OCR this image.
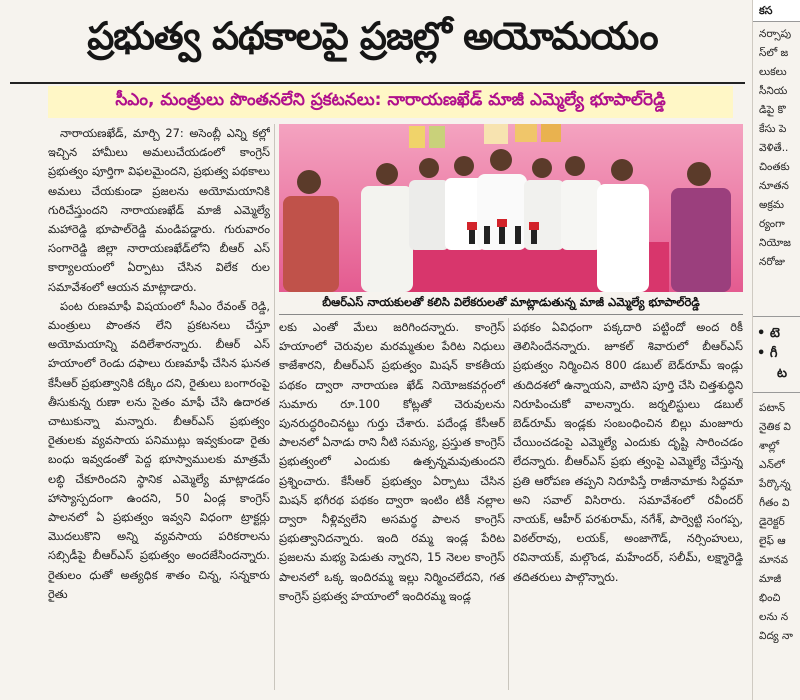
ప్రభుత్వ పథకాలపై ప్రజల్లో అయోమయం
సీఎం, మంత్రులు పొంతనలేని ప్రకటనలు: నారాయణఖేడ్ మాజీ ఎమ్మెల్యే భూపాల్‌రెడ్డి

నారాయణఖేడ్, మార్చి 27: అసెంబ్లీ ఎన్ని కల్లో ఇచ్చిన హామీలు అమలుచేయడంలో కాంగ్రెస్ ప్రభుత్వం పూర్తిగా విఫలమైందని, ప్రభుత్వ పథకాలు అమలు చేయకుండా ప్రజలను అయోమయానికి గురిచేస్తుందని నారాయణఖేడ్ మాజీ ఎమ్మెల్యే మహారెడ్డి భూపాల్‌రెడ్డి మండిపడ్డారు. గురువారం సంగారెడ్డి జిల్లా నారాయణఖేడ్‌లోని బీఆర్ ఎస్ కార్యాలయంలో ఏర్పాటు చేసిన విలేక రుల సమావేశంలో ఆయన మాట్లాడారు.

పంట రుణమాఫీ విషయంలో సీఎం రేవంత్ రెడ్డి, మంత్రులు పొంతన లేని ప్రకటనలు చేస్తూ అయోమయాన్ని వదిలేశారన్నారు. బీఆర్ ఎస్ హయాంలో రెండు దఫాలు రుణమాఫీ చేసిన ఘనత కేసీఆర్ ప్రభుత్వానికి దక్కిం దని, రైతులు బంగారంపై తీసుకున్న రుణా లను సైతం మాఫీ చేసి ఉదారత చాటుకున్నా మన్నారు. బీఆర్ఎస్ ప్రభుత్వం రైతులకు వ్యవసాయ పనిముట్లు ఇవ్వకుండా రైతు బంధు ఇవ్వడంతో పెద్ద భూస్వాములకు మాత్రమే లబ్ధి చేకూరిందని స్థానిక ఎమ్మెల్యే మాట్లాడడం హాస్యాస్పదంగా ఉందని, 50 ఏండ్ల కాంగ్రెస్ పాలనలో ఏ ప్రభుత్వం ఇవ్వని విధంగా ట్రాక్టర్లు మొదలుకొని అన్ని వ్యవసాయ పరికరాలను సబ్సిడీపై బీఆర్ఎస్ ప్రభుత్వం అందజేసిందన్నారు. రైతులం ధుతో అత్యధిక శాతం చిన్న, సన్నకారు రైతు

బీఆర్ఎస్ నాయకులతో కలిసి విలేకరులతో మాట్లాడుతున్న మాజీ ఎమ్మెల్యే భూపాల్‌రెడ్డి

లకు ఎంతో మేలు జరిగిందన్నారు. కాంగ్రెస్ హయాంలో చెరువుల మరమ్మతుల పేరిట నిధులు కాజేశారని, బీఆర్ఎస్ ప్రభుత్వం మిషన్ కాకతీయ పథకం ద్వారా నారాయణ ఖేడ్ నియోజకవర్గంలో సుమారు రూ.100 కోట్లతో చెరువులను పునరుద్ధరించినట్టు గుర్తు చేశారు. పదేండ్ల కేసీఆర్ పాలనలో ఏనాడు రాని నీటి సమస్య, ప్రస్తుత కాంగ్రెస్ ప్రభుత్వంలో ఎందుకు ఉత్పన్నమవుతుందని ప్రశ్నించారు. కేసీఆర్ ప్రభుత్వం ఏర్పాటు చేసిన మిషన్ భగీరథ పథకం ద్వారా ఇంటిం టికీ నల్లాల ద్వారా నీళ్లివ్వలేని అసమర్థ పాలన కాంగ్రెస్ ప్రభుత్వానిదన్నారు. ఇంది రమ్మ ఇండ్ల పేరిట ప్రజలను మభ్య పెడుతు న్నారని, 15 నెలల కాంగ్రెస్ పాలనలో ఒక్క ఇందిరమ్మ ఇల్లు నిర్మించలేదని, గత కాంగ్రెస్ ప్రభుత్వ హయాంలో ఇందిరమ్మ ఇండ్ల

పథకం ఏవిధంగా పక్కదారి పట్టిందో అంద రికీ తెలిసిందేనన్నారు. జూకల్ శివారులో బీఆర్ఎస్ ప్రభుత్వం నిర్మించిన 800 డబుల్ బెడ్‌రూమ్ ఇండ్లు తుదిదశలో ఉన్నాయని, వాటిని పూర్తి చేసి చిత్తశుద్ధిని నిరూపించుకో వాలన్నారు. జర్నలిస్టులు డబుల్ బెడ్‌రూమ్ ఇండ్లకు సంబంధించిన బిల్లు మంజూరు చేయించడంపై ఎమ్మెల్యే ఎందుకు దృష్టి సారించడం లేదన్నారు. బీఆర్ఎస్ ప్రభు త్వంపై ఎమ్మెల్యే చేస్తున్న ప్రతి ఆరోపణ తప్పని నిరూపిస్తే రాజీనామాకు సిద్ధమా అని సవాల్ విసిరారు. సమావేశంలో రవీందర్ నాయక్, ఆహీర్ పరశురామ్, నగేశ్, పార్వెట్టి సంగప్ప, విఠల్‌రావు, లయక్, అంజాగౌడ్, నర్సింహులు, రవినాయక్, మల్గొండ, మహేందర్, సలీమ్, లక్ష్మారెడ్డి తదితరులు పాల్గొన్నారు.

కస
నర్సాపు
స్‌లో జ
లుకలు
సీనియ
డిపై కొ
కేసు పె
వెళితే..
చింతకు
నూతన
అక్రమ
ర్యంగా
నియోజ
నరోజు
• టె
• గీ
ట
పటాన్
నైతిక వి
శాల్లో
ఎన్‌లో
పేర్కొన్న
గీతం వి
డైరెక్టర్
లైఫ్ ఆ
మానవ
మాజీ
భించి
లను న
విద్య నా
